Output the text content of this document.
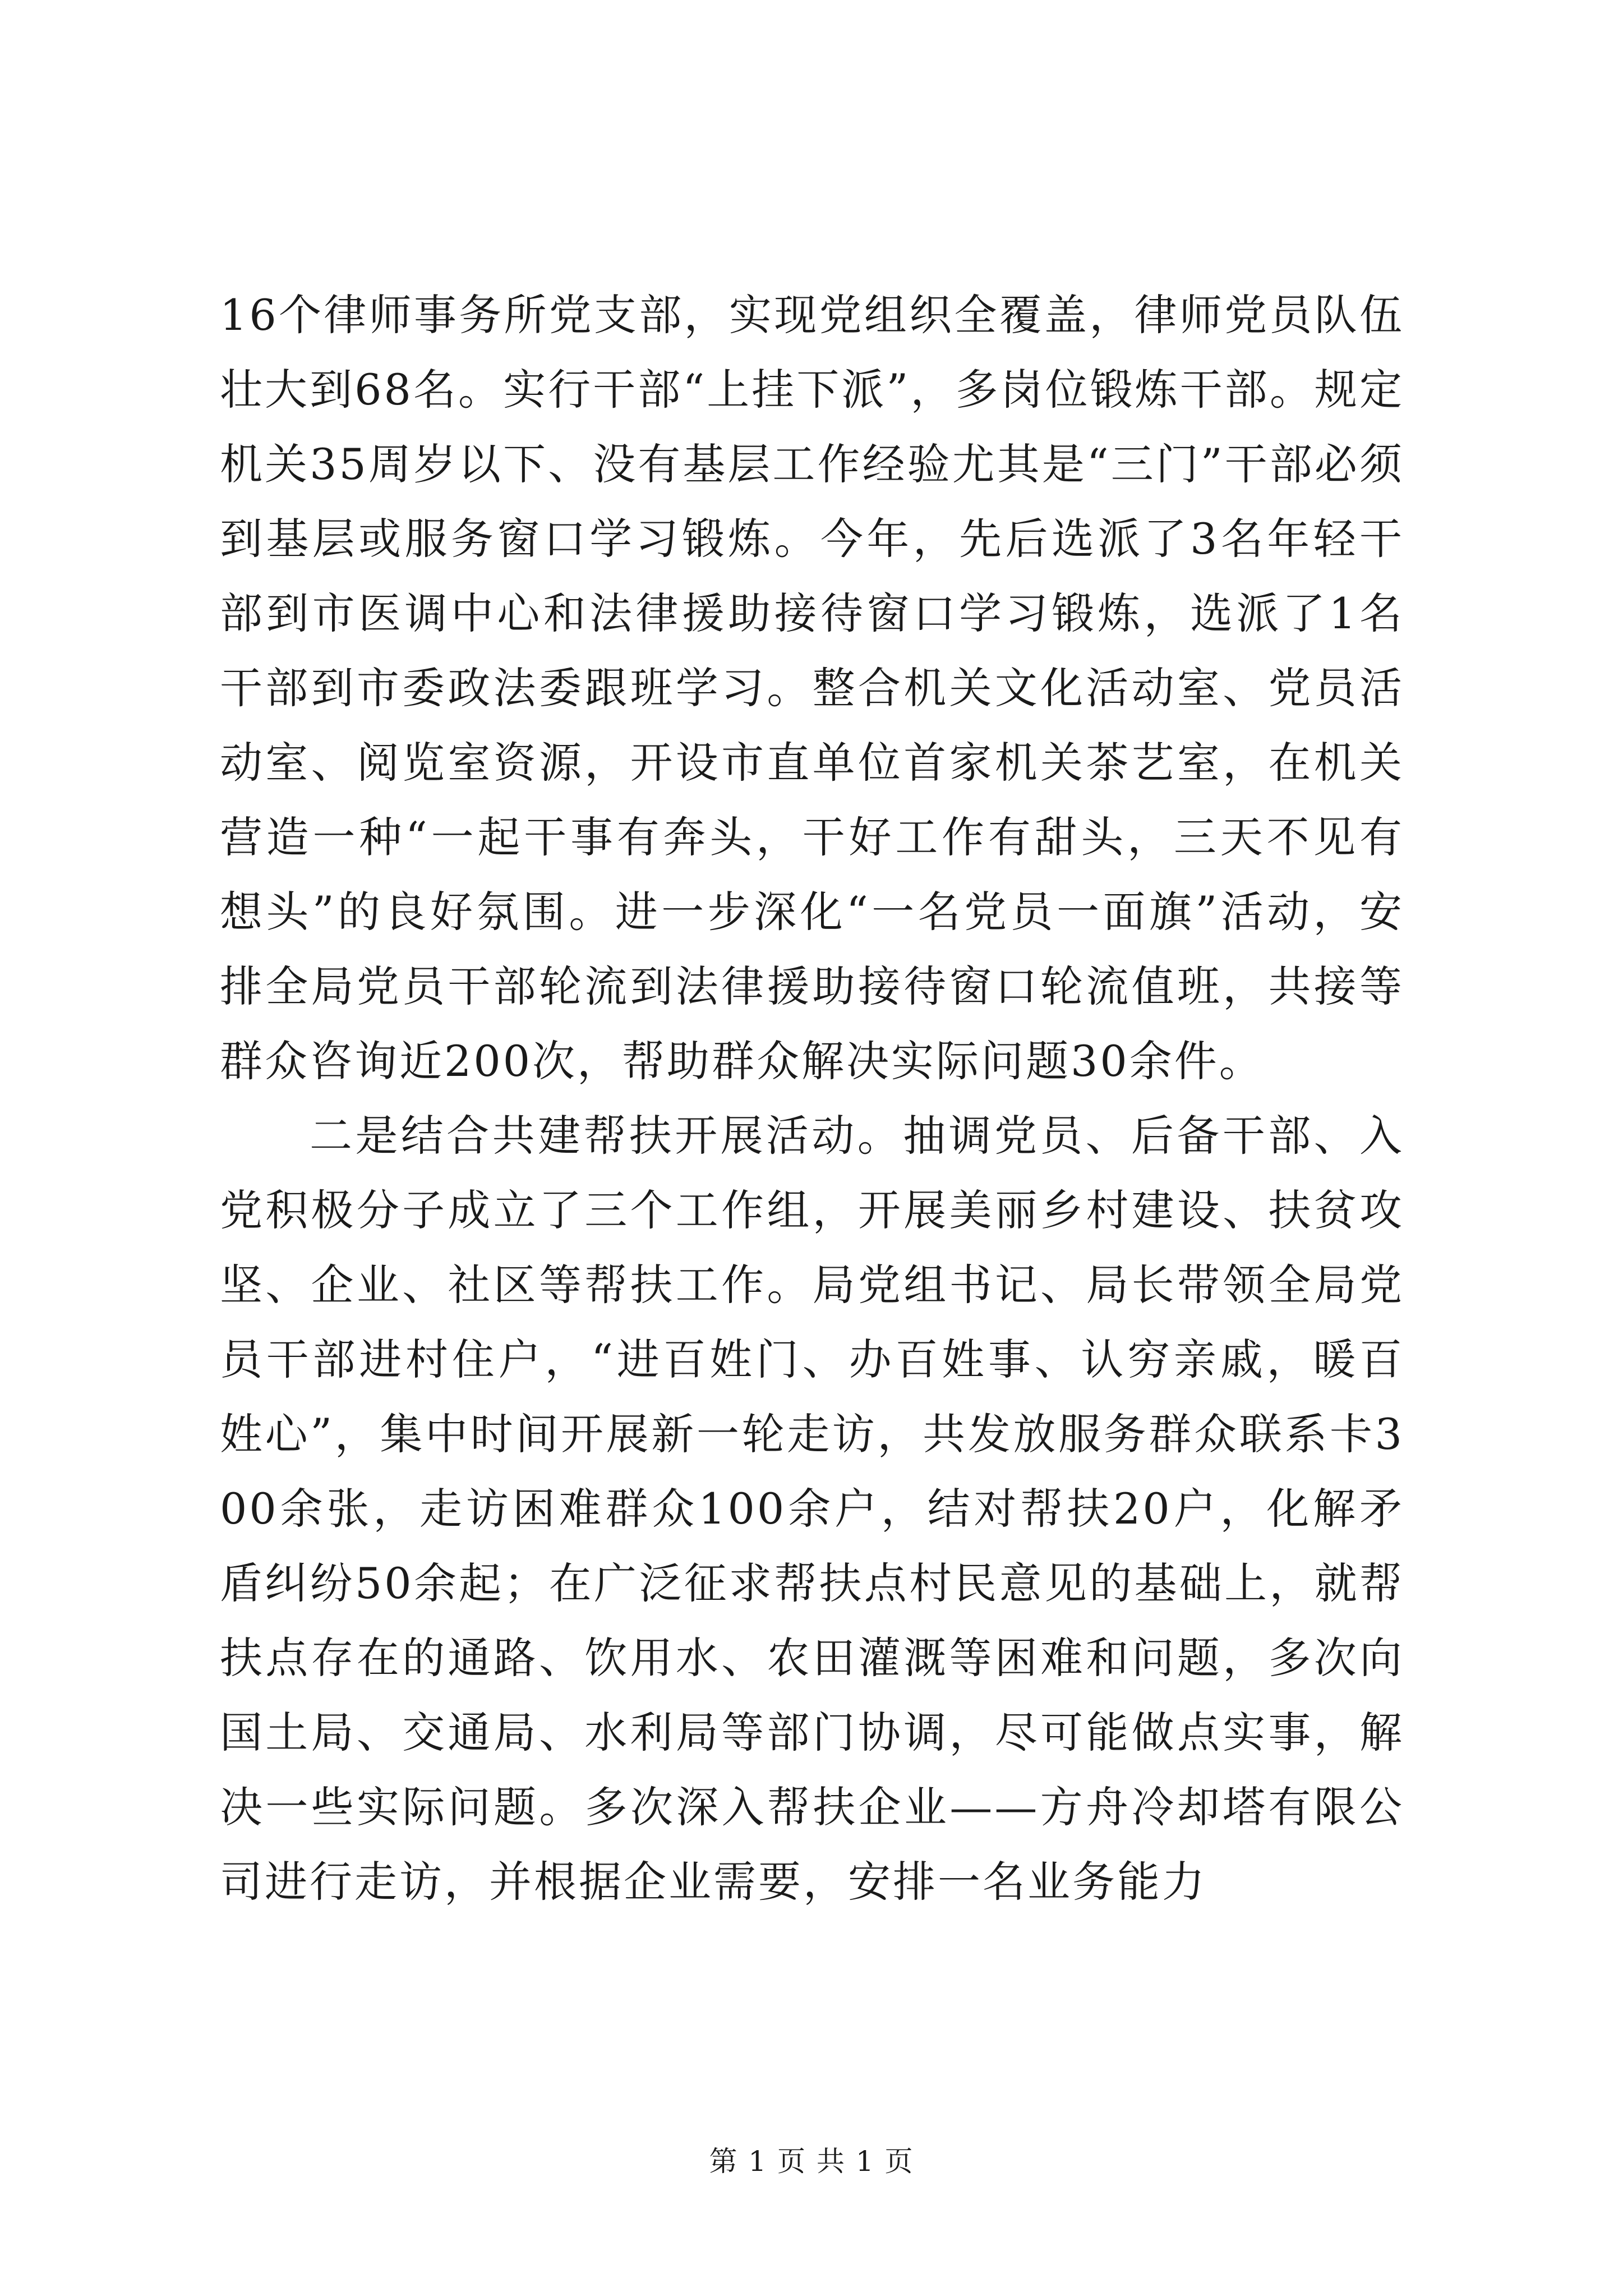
16个律师事务所党支部，实现党组织全覆盖，律师党员队伍壮大到68名。实行干部“上挂下派”，多岗位锻炼干部。规定机关35周岁以下、没有基层工作经验尤其是“三门”干部必须到基层或服务窗口学习锻炼。今年，先后选派了3名年轻干部到市医调中心和法律援助接待窗口学习锻炼，选派了1名干部到市委政法委跟班学习。整合机关文化活动室、党员活动室、阅览室资源，开设市直单位首家机关茶艺室，在机关营造一种“一起干事有奔头，干好工作有甜头，三天不见有想头”的良好氛围。进一步深化“一名党员一面旗”活动，安排全局党员干部轮流到法律援助接待窗口轮流值班，共接等群众咨询近200次，帮助群众解决实际问题30余件。

二是结合共建帮扶开展活动。抽调党员、后备干部、入党积极分子成立了三个工作组，开展美丽乡村建设、扶贫攻坚、企业、社区等帮扶工作。局党组书记、局长带领全局党员干部进村住户，“进百姓门、办百姓事、认穷亲戚，暖百姓心”，集中时间开展新一轮走访，共发放服务群众联系卡300余张，走访困难群众100余户，结对帮扶20户，化解矛盾纠纷50余起；在广泛征求帮扶点村民意见的基础上，就帮扶点存在的通路、饮用水、农田灌溉等困难和问题，多次向国土局、交通局、水利局等部门协调，尽可能做点实事，解决一些实际问题。多次深入帮扶企业——方舟冷却塔有限公司进行走访，并根据企业需要，安排一名业务能力

第 1 页 共 1 页
